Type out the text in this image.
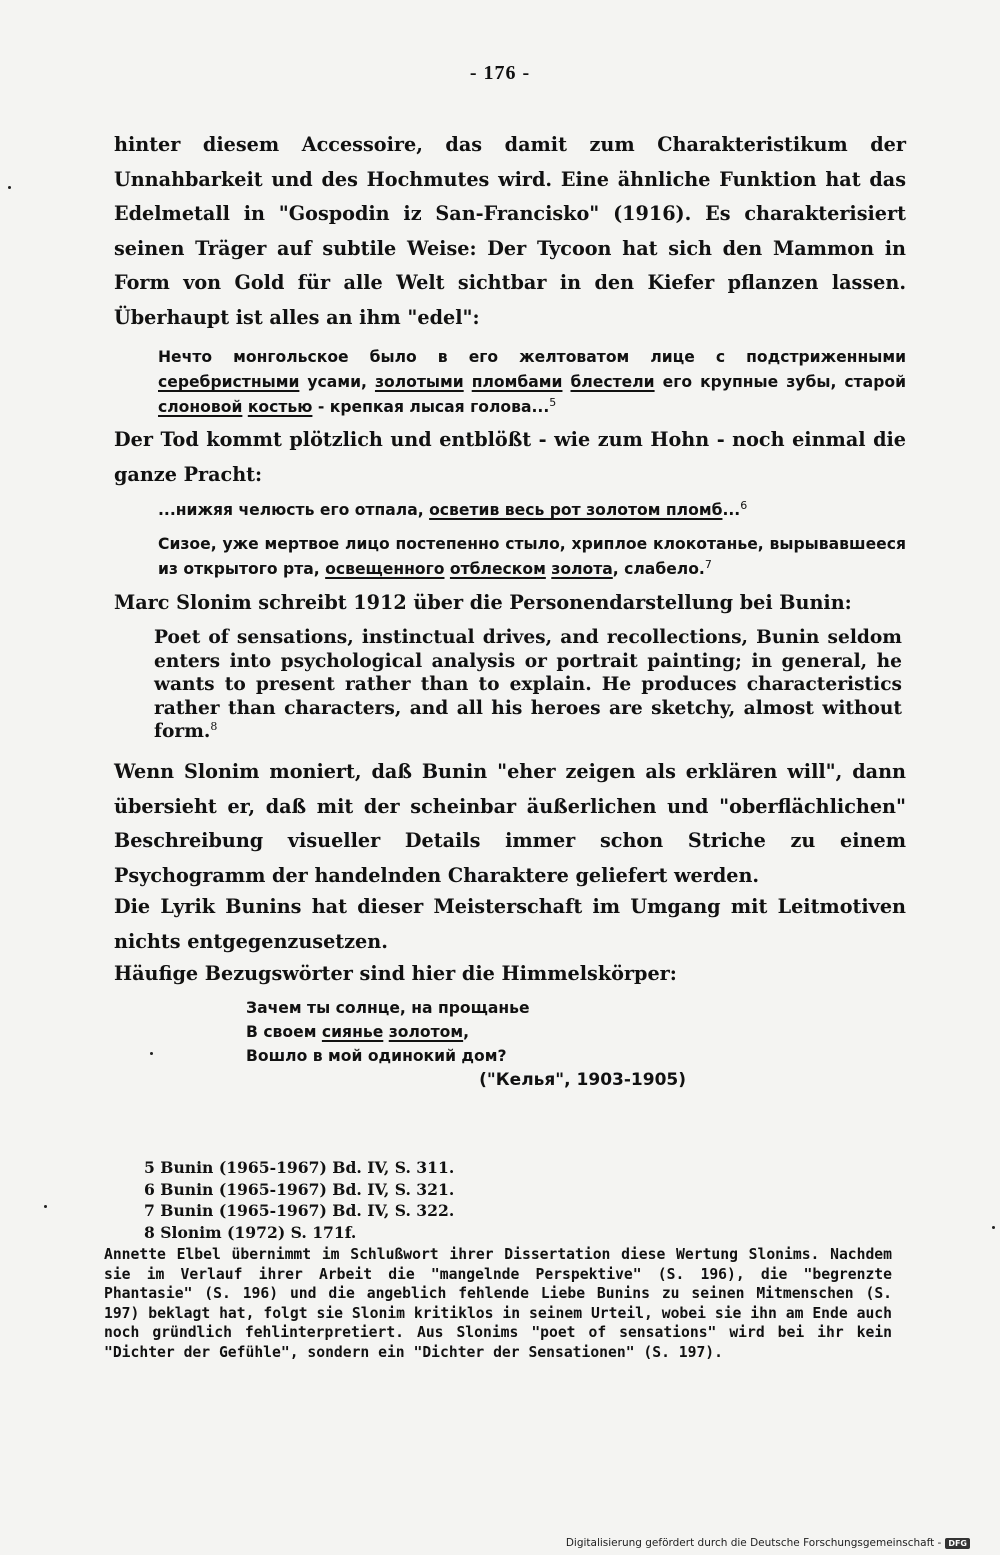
- 176 -

hinter diesem Accessoire, das damit zum Charakteristikum der Unnahbarkeit und des Hochmutes wird. Eine ähnliche Funktion hat das Edelmetall in "Gospodin iz San-Francisko" (1916). Es charakterisiert seinen Träger auf subtile Weise: Der Tycoon hat sich den Mammon in Form von Gold für alle Welt sichtbar in den Kiefer pflanzen lassen. Überhaupt ist alles an ihm "edel":

Нечто монгольское было в его желтоватом лице с подстриженными серебристными усами, золотыми пломбами блестели его крупные зубы, старой слоновой костью - крепкая лысая голова...$^5$

Der Tod kommt plötzlich und entblößt - wie zum Hohn - noch einmal die ganze Pracht:

...нижяя челюсть его отпала, осветив весь рот золотом пломб...$^6$

Сизое, уже мертвое лицо постепенно стыло, хриплое клокотанье, вырывавшееся из открытого рта, освещенного отблеском золота, слабело.$^7$

Marc Slonim schreibt 1912 über die Personendarstellung bei Bunin:

Poet of sensations, instinctual drives, and recollections, Bunin seldom enters into psychological analysis or portrait painting; in general, he wants to present rather than to explain. He produces characteristics rather than characters, and all his heroes are sketchy, almost without form.$^8$

Wenn Slonim moniert, daß Bunin "eher zeigen als erklären will", dann übersieht er, daß mit der scheinbar äußerlichen und "oberflächlichen" Beschreibung visueller Details immer schon Striche zu einem Psychogramm der handelnden Charaktere geliefert werden.

Die Lyrik Bunins hat dieser Meisterschaft im Umgang mit Leitmotiven nichts entgegenzusetzen.

Häufige Bezugswörter sind hier die Himmelskörper:

Зачем ты солнце, на прощанье
В своем сиянье золотом,
Вошло в мой одинокий дом?
("Келья", 1903-1905)
5 Bunin (1965-1967) Bd. IV, S. 311.
6 Bunin (1965-1967) Bd. IV, S. 321.
7 Bunin (1965-1967) Bd. IV, S. 322.
8 Slonim (1972) S. 171f.

Annette Elbel übernimmt im Schlußwort ihrer Dissertation diese Wertung Slonims. Nachdem sie im Verlauf ihrer Arbeit die "mangelnde Perspektive" (S. 196), die "begrenzte Phantasie" (S. 196) und die angeblich fehlende Liebe Bunins zu seinen Mitmenschen (S. 197) beklagt hat, folgt sie Slonim kritiklos in seinem Urteil, wobei sie ihn am Ende auch noch gründlich fehlinterpretiert. Aus Slonims "poet of sensations" wird bei ihr kein "Dichter der Gefühle", sondern ein "Dichter der Sensationen" (S. 197).

Digitalisierung gefördert durch die Deutsche Forschungsgemeinschaft - DFG
